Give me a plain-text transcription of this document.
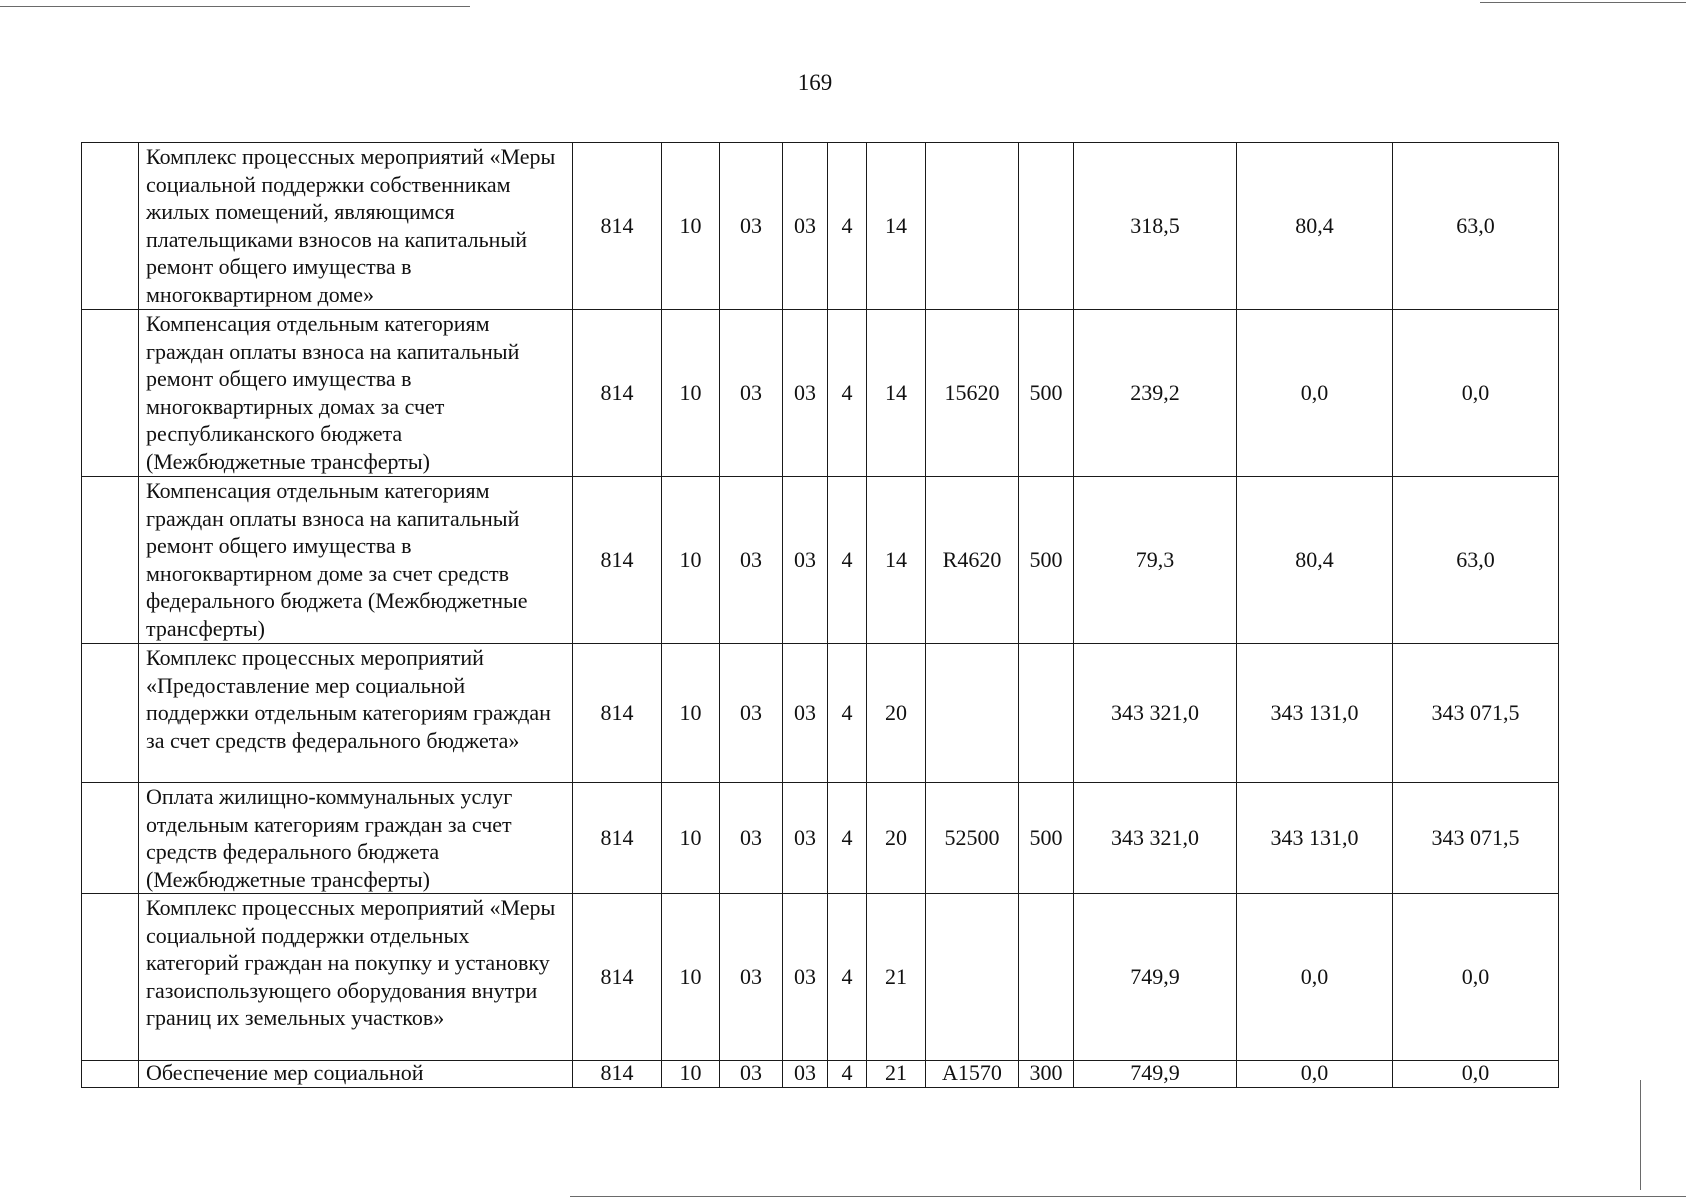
169
	Комплекс процессных мероприятий «Меры социальной поддержки собственникам жилых помещений, являющимся плательщиками взносов на капитальный ремонт общего имущества в многоквартирном доме»	814	10	03	03	4	14			318,5	80,4	63,0
	Компенсация отдельным категориям граждан оплаты взноса на капитальный ремонт общего имущества в многоквартирных домах за счет республиканского бюджета (Межбюджетные трансферты)	814	10	03	03	4	14	15620	500	239,2	0,0	0,0
	Компенсация отдельным категориям граждан оплаты взноса на капитальный ремонт общего имущества в многоквартирном доме за счет средств федерального бюджета (Межбюджетные трансферты)	814	10	03	03	4	14	R4620	500	79,3	80,4	63,0
	Комплекс процессных мероприятий «Предоставление мер социальной поддержки отдельным категориям граждан за счет средств федерального бюджета»	814	10	03	03	4	20			343 321,0	343 131,0	343 071,5
	Оплата жилищно-коммунальных услуг отдельным категориям граждан за счет средств федерального бюджета (Межбюджетные трансферты)	814	10	03	03	4	20	52500	500	343 321,0	343 131,0	343 071,5
	Комплекс процессных мероприятий «Меры социальной поддержки отдельных категорий граждан на покупку и установку газоиспользующего оборудования внутри границ их земельных участков»	814	10	03	03	4	21			749,9	0,0	0,0
	Обеспечение мер социальной	814	10	03	03	4	21	A1570	300	749,9	0,0	0,0
